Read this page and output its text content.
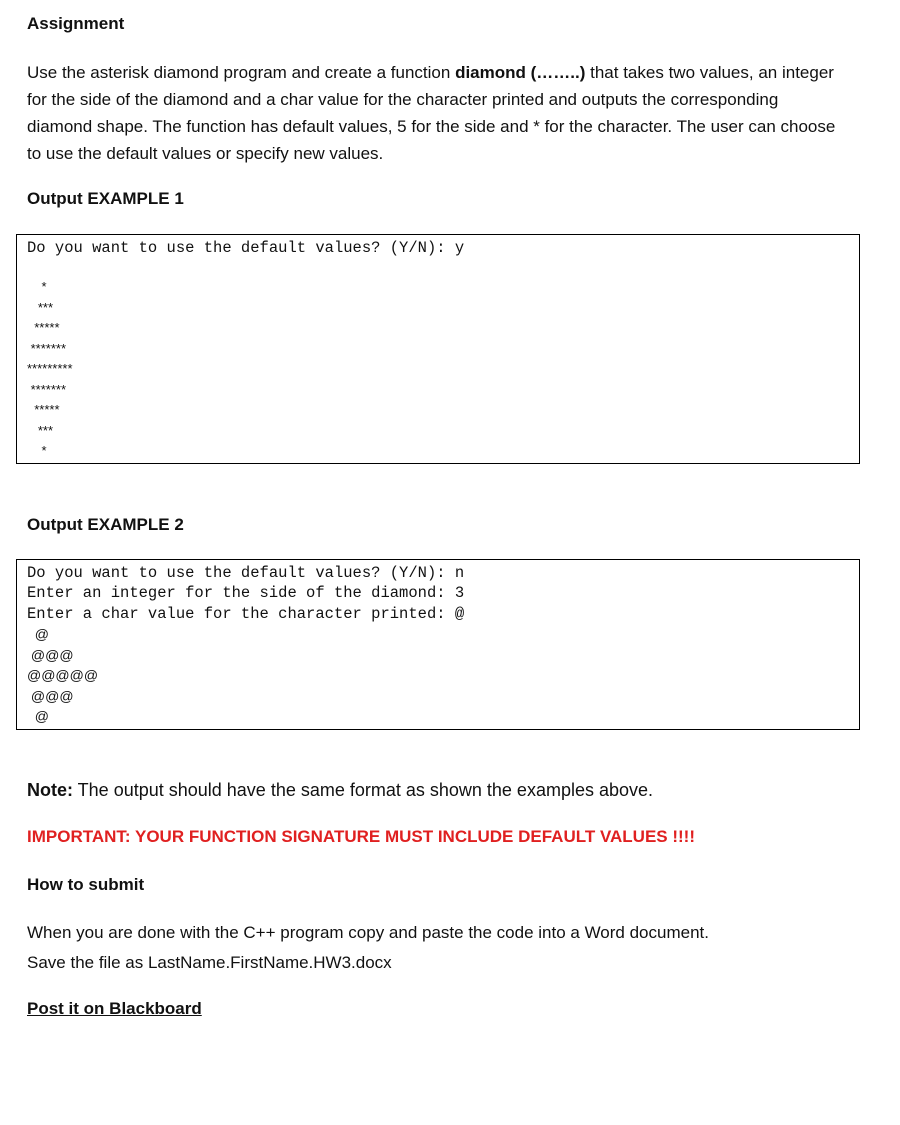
Assignment

Use the asterisk diamond program and create a function diamond (……..) that takes two values, an integer for the side of the diamond and a char value for the character printed and outputs the corresponding diamond shape. The function has default values, 5 for the side and * for the character. The user can choose to use the default values or specify new values.

Output EXAMPLE 1
Do you want to use the default values? (Y/N): y
*
***
*****
*******
*********
*******
*****
***
*
Output EXAMPLE 2
Do you want to use the default values? (Y/N): n
Enter an integer for the side of the diamond: 3
Enter a char value for the character printed: @
@
@@@
@@@@@
@@@
@

Note: The output should have the same format as shown the examples above.

IMPORTANT: YOUR FUNCTION SIGNATURE MUST INCLUDE DEFAULT VALUES !!!!

How to submit

When you are done with the C++ program copy and paste the code into a Word document.

Save the file as LastName.FirstName.HW3.docx

Post it on Blackboard
